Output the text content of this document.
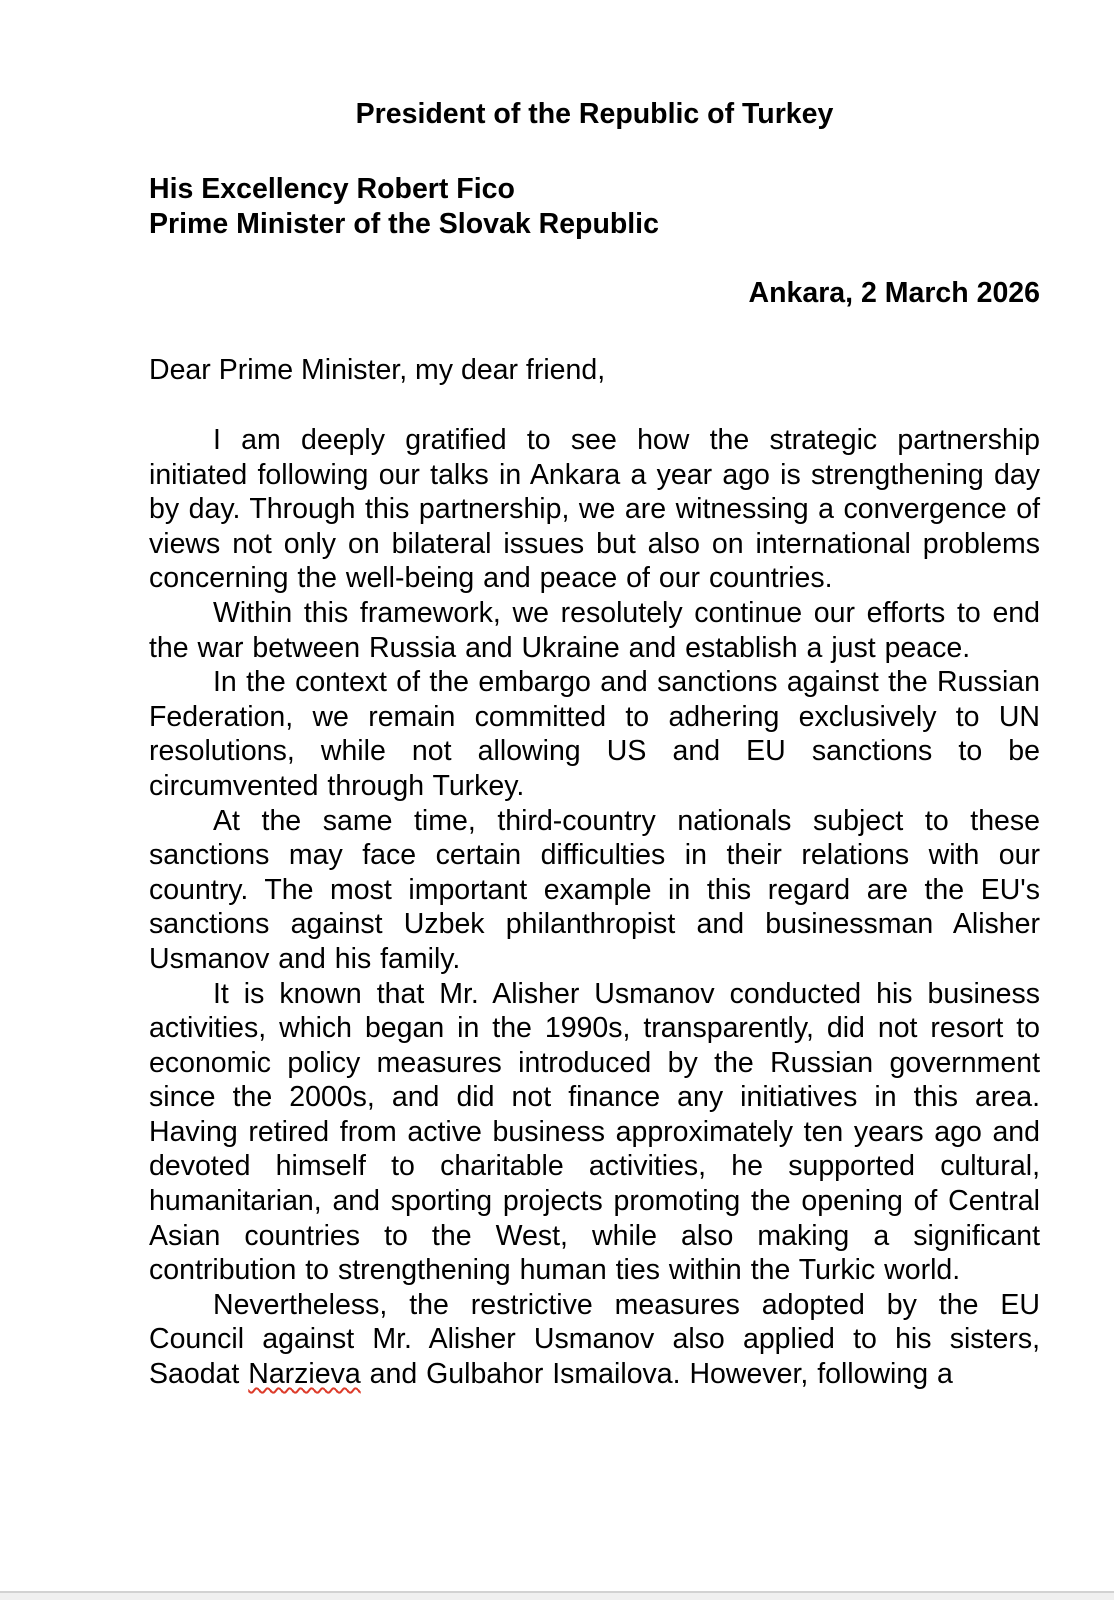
President of the Republic of Turkey
His Excellency Robert Fico
Prime Minister of the Slovak Republic
Ankara, 2 March 2026
Dear Prime Minister, my dear friend,

I am deeply gratified to see how the strategic partnership initiated following our talks in Ankara a year ago is strengthening day by day. Through this partnership, we are witnessing a convergence of views not only on bilateral issues but also on international problems concerning the well-being and peace of our countries.

Within this framework, we resolutely continue our efforts to end the war between Russia and Ukraine and establish a just peace.

In the context of the embargo and sanctions against the Russian Federation, we remain committed to adhering exclusively to UN resolutions, while not allowing US and EU sanctions to be circumvented through Turkey.

At the same time, third-country nationals subject to these sanctions may face certain difficulties in their relations with our country. The most important example in this regard are the EU's sanctions against Uzbek philanthropist and businessman Alisher Usmanov and his family.

It is known that Mr. Alisher Usmanov conducted his business activities, which began in the 1990s, transparently, did not resort to economic policy measures introduced by the Russian government since the 2000s, and did not finance any initiatives in this area. Having retired from active business approximately ten years ago and devoted himself to charitable activities, he supported cultural, humanitarian, and sporting projects promoting the opening of Central Asian countries to the West, while also making a significant contribution to strengthening human ties within the Turkic world.

Nevertheless, the restrictive measures adopted by the EU Council against Mr. Alisher Usmanov also applied to his sisters, Saodat Narzieva and Gulbahor Ismailova. However, following a
